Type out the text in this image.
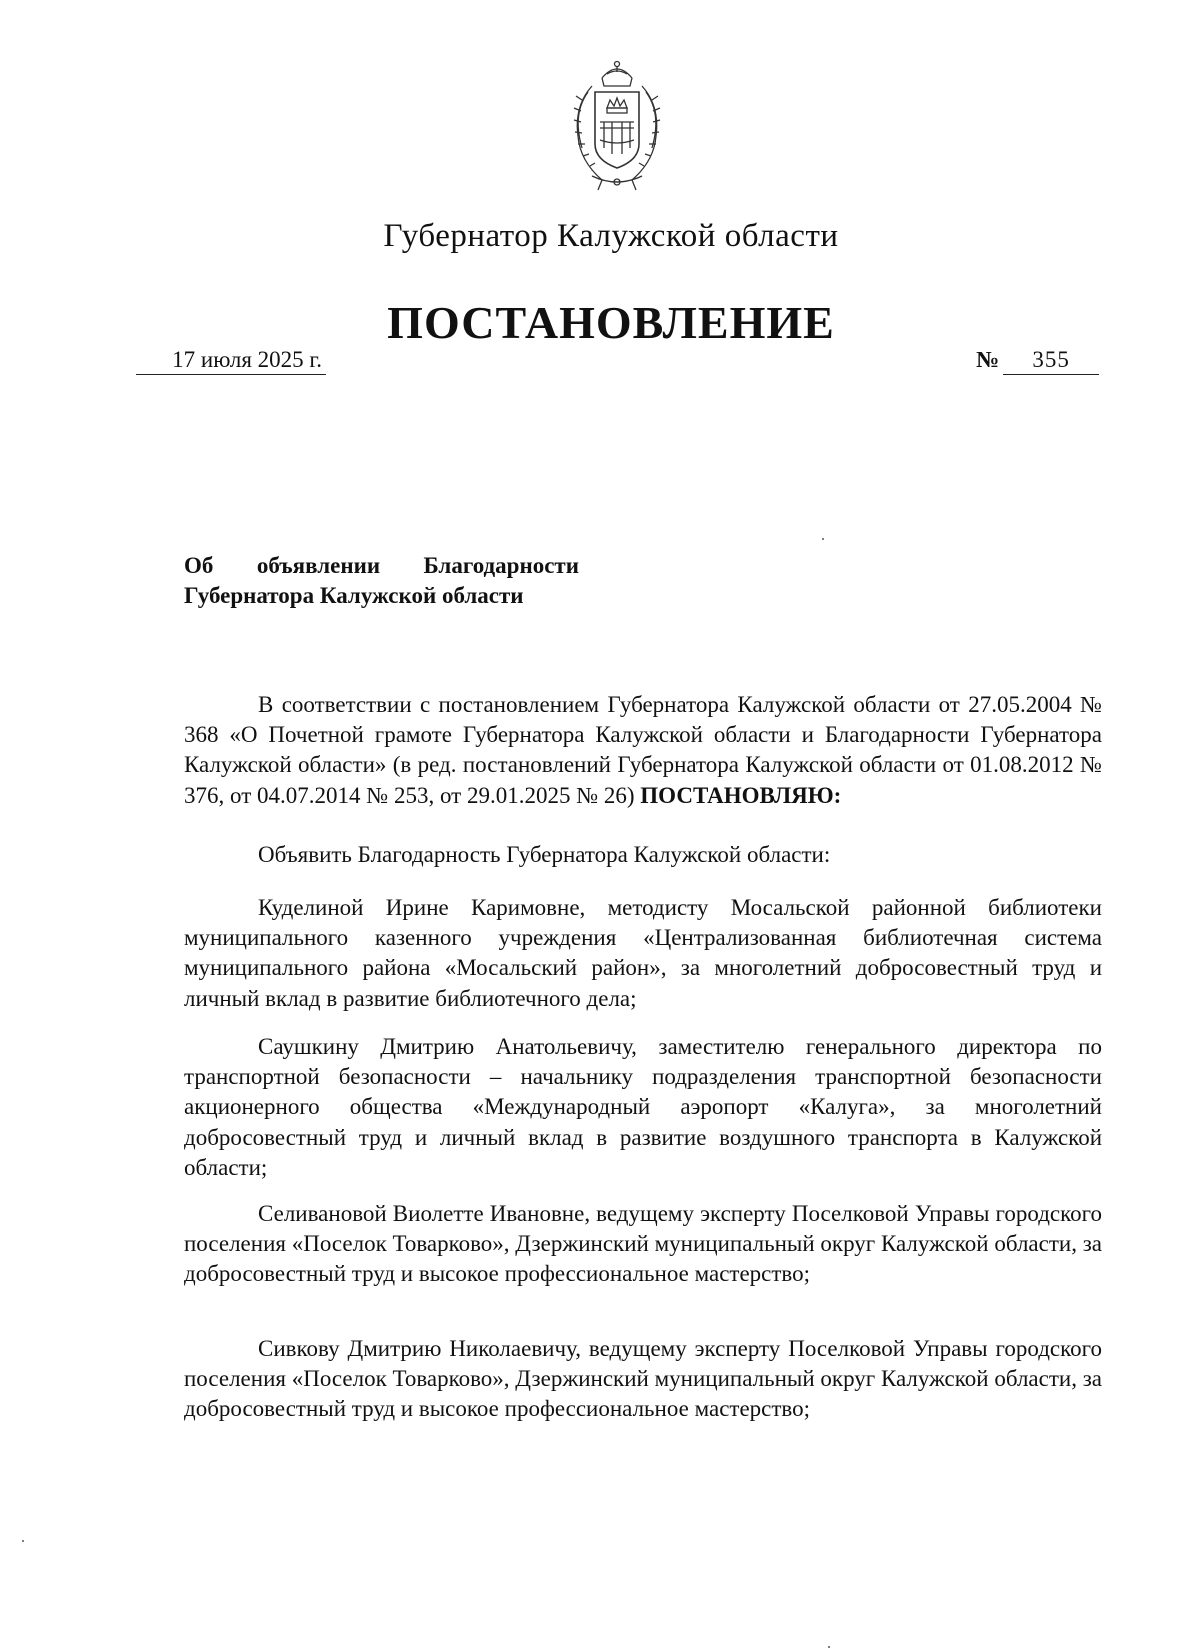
Губернатор Калужской области
ПОСТАНОВЛЕНИЕ
17 июля 2025 г.	№ 355
Об объявлении Благодарности
Губернатора Калужской области
В соответствии с постановлением Губернатора Калужской области от 27.05.2004 № 368 «О Почетной грамоте Губернатора Калужской области и Благодарности Губернатора Калужской области» (в ред. постановлений Губернатора Калужской области от 01.08.2012 № 376, от 04.07.2014 № 253, от 29.01.2025 № 26) ПОСТАНОВЛЯЮ:
Объявить Благодарность Губернатора Калужской области:
Куделиной Ирине Каримовне, методисту Мосальской районной библиотеки муниципального казенного учреждения «Централизованная библиотечная система муниципального района «Мосальский район», за многолетний добросовестный труд и личный вклад в развитие библиотечного дела;
Саушкину Дмитрию Анатольевичу, заместителю генерального директора по транспортной безопасности – начальнику подразделения транспортной безопасности акционерного общества «Международный аэропорт «Калуга», за многолетний добросовестный труд и личный вклад в развитие воздушного транспорта в Калужской области;
Селивановой Виолетте Ивановне, ведущему эксперту Поселковой Управы городского поселения «Поселок Товарково», Дзержинский муниципальный округ Калужской области, за добросовестный труд и высокое профессиональное мастерство;
Сивкову Дмитрию Николаевичу, ведущему эксперту Поселковой Управы городского поселения «Поселок Товарково», Дзержинский муниципальный округ Калужской области, за добросовестный труд и высокое профессиональное мастерство;
